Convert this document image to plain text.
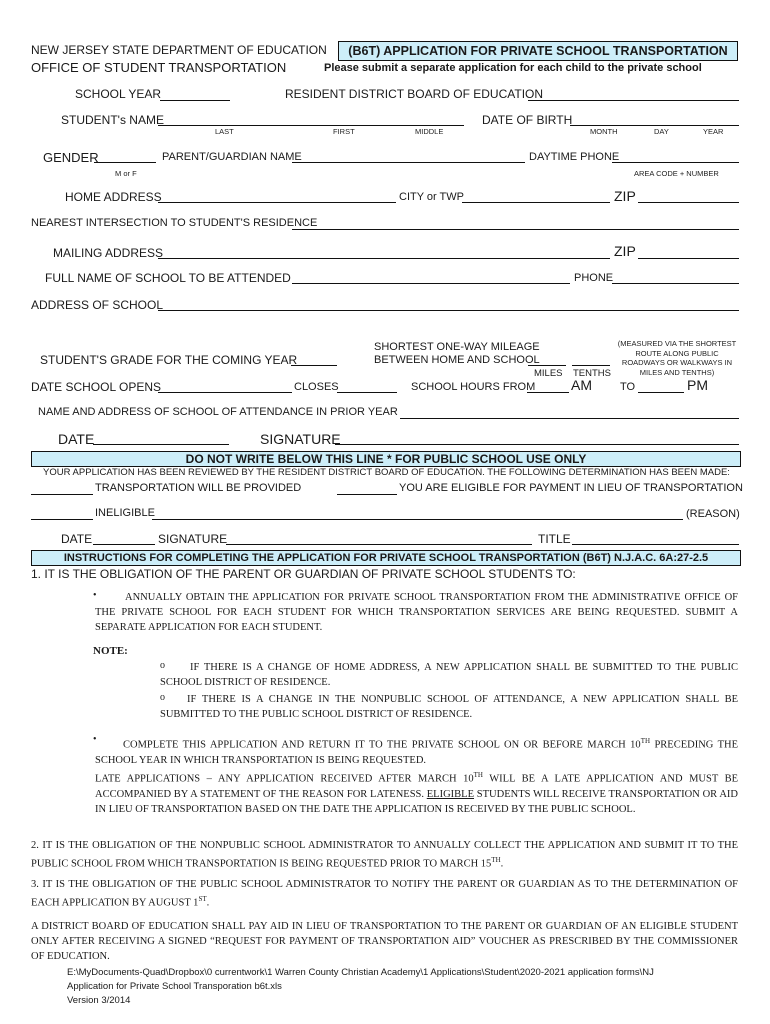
NEW JERSEY STATE DEPARTMENT OF EDUCATION
OFFICE OF STUDENT TRANSPORTATION
(B6T) APPLICATION FOR PRIVATE SCHOOL TRANSPORTATION
Please submit a separate application for each child to the private school
SCHOOL YEAR	RESIDENT DISTRICT BOARD OF EDUCATION
STUDENT's NAME
LAST	FIRST	MIDDLE
DATE OF BIRTH
MONTH	DAY	YEAR
GENDER
M or F
PARENT/GUARDIAN NAME	DAYTIME PHONE
AREA CODE + NUMBER
HOME ADDRESS	CITY or TWP	ZIP
NEAREST INTERSECTION TO STUDENT'S RESIDENCE
MAILING ADDRESS	ZIP
FULL NAME OF SCHOOL TO BE ATTENDED	PHONE
ADDRESS OF SCHOOL
STUDENT'S GRADE FOR THE COMING YEAR
SHORTEST ONE-WAY MILEAGE
BETWEEN HOME AND SCHOOL
(MEASURED VIA THE SHORTEST ROUTE ALONG PUBLIC ROADWAYS OR WALKWAYS IN MILES AND TENTHS)
MILES TENTHS
DATE SCHOOL OPENS	CLOSES	SCHOOL HOURS FROM	AM	TO	PM
NAME AND ADDRESS OF SCHOOL OF ATTENDANCE IN PRIOR YEAR
DATE	SIGNATURE
DO NOT WRITE BELOW THIS LINE * FOR PUBLIC SCHOOL USE ONLY
YOUR APPLICATION HAS BEEN REVIEWED BY THE RESIDENT DISTRICT BOARD OF EDUCATION. THE FOLLOWING DETERMINATION HAS BEEN MADE:
TRANSPORTATION WILL BE PROVIDED	YOU ARE ELIGIBLE FOR PAYMENT IN LIEU OF TRANSPORTATION
INELIGIBLE	(REASON)
DATE	SIGNATURE	TITLE
INSTRUCTIONS FOR COMPLETING THE APPLICATION FOR PRIVATE SCHOOL TRANSPORTATION (B6T) N.J.A.C. 6A:27-2.5
1. IT IS THE OBLIGATION OF THE PARENT OR GUARDIAN OF PRIVATE SCHOOL STUDENTS TO:
•	ANNUALLY OBTAIN THE APPLICATION FOR PRIVATE SCHOOL TRANSPORTATION FROM THE ADMINISTRATIVE OFFICE OF THE PRIVATE SCHOOL FOR EACH STUDENT FOR WHICH TRANSPORTATION SERVICES ARE BEING REQUESTED. SUBMIT A SEPARATE APPLICATION FOR EACH STUDENT.
NOTE:
o	IF THERE IS A CHANGE OF HOME ADDRESS, A NEW APPLICATION SHALL BE SUBMITTED TO THE PUBLIC SCHOOL DISTRICT OF RESIDENCE.
o	IF THERE IS A CHANGE IN THE NONPUBLIC SCHOOL OF ATTENDANCE, A NEW APPLICATION SHALL BE SUBMITTED TO THE PUBLIC SCHOOL DISTRICT OF RESIDENCE.
•	COMPLETE THIS APPLICATION AND RETURN IT TO THE PRIVATE SCHOOL ON OR BEFORE MARCH 10TH PRECEDING THE SCHOOL YEAR IN WHICH TRANSPORTATION IS BEING REQUESTED.
LATE APPLICATIONS – ANY APPLICATION RECEIVED AFTER MARCH 10TH WILL BE A LATE APPLICATION AND MUST BE ACCOMPANIED BY A STATEMENT OF THE REASON FOR LATENESS. ELIGIBLE STUDENTS WILL RECEIVE TRANSPORTATION OR AID IN LIEU OF TRANSPORTATION BASED ON THE DATE THE APPLICATION IS RECEIVED BY THE PUBLIC SCHOOL.
2. IT IS THE OBLIGATION OF THE NONPUBLIC SCHOOL ADMINISTRATOR TO ANNUALLY COLLECT THE APPLICATION AND SUBMIT IT TO THE PUBLIC SCHOOL FROM WHICH TRANSPORTATION IS BEING REQUESTED PRIOR TO MARCH 15TH.
3. IT IS THE OBLIGATION OF THE PUBLIC SCHOOL ADMINISTRATOR TO NOTIFY THE PARENT OR GUARDIAN AS TO THE DETERMINATION OF EACH APPLICATION BY AUGUST 1ST.
A DISTRICT BOARD OF EDUCATION SHALL PAY AID IN LIEU OF TRANSPORTATION TO THE PARENT OR GUARDIAN OF AN ELIGIBLE STUDENT ONLY AFTER RECEIVING A SIGNED “REQUEST FOR PAYMENT OF TRANSPORTATION AID” VOUCHER AS PRESCRIBED BY THE COMMISSIONER OF EDUCATION.
E:\MyDocuments-Quad\Dropbox\0 currentwork\1 Warren County Christian Academy\1 Applications\Student\2020-2021 application forms\NJ
Application for Private School Transporation b6t.xls
Version 3/2014
